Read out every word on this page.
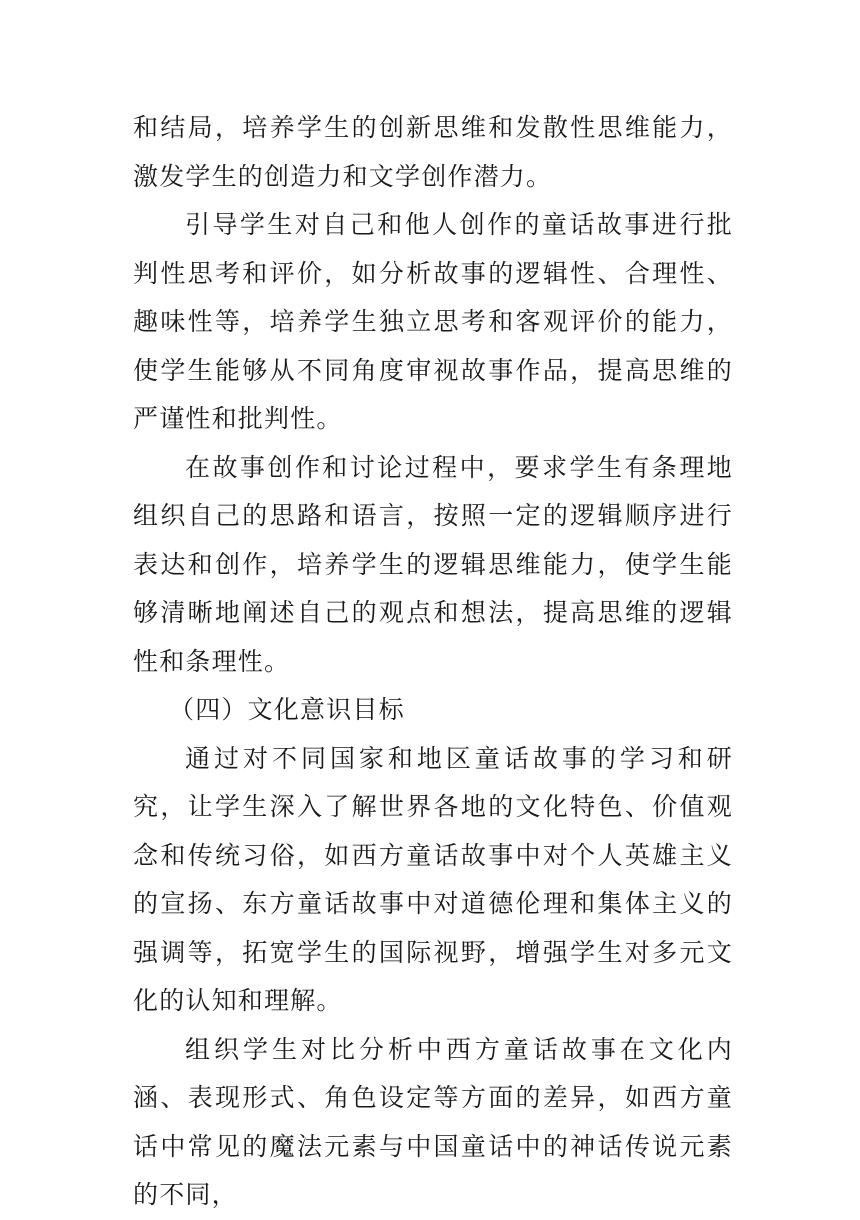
和结局，培养学生的创新思维和发散性思维能力，激发学生的创造力和文学创作潜力。

引导学生对自己和他人创作的童话故事进行批判性思考和评价，如分析故事的逻辑性、合理性、趣味性等，培养学生独立思考和客观评价的能力，使学生能够从不同角度审视故事作品，提高思维的严谨性和批判性。

在故事创作和讨论过程中，要求学生有条理地组织自己的思路和语言，按照一定的逻辑顺序进行表达和创作，培养学生的逻辑思维能力，使学生能够清晰地阐述自己的观点和想法，提高思维的逻辑性和条理性。

（四）文化意识目标

通过对不同国家和地区童话故事的学习和研究，让学生深入了解世界各地的文化特色、价值观念和传统习俗，如西方童话故事中对个人英雄主义的宣扬、东方童话故事中对道德伦理和集体主义的强调等，拓宽学生的国际视野，增强学生对多元文化的认知和理解。

组织学生对比分析中西方童话故事在文化内涵、表现形式、角色设定等方面的差异，如西方童话中常见的魔法元素与中国童话中的神话传说元素的不同，
